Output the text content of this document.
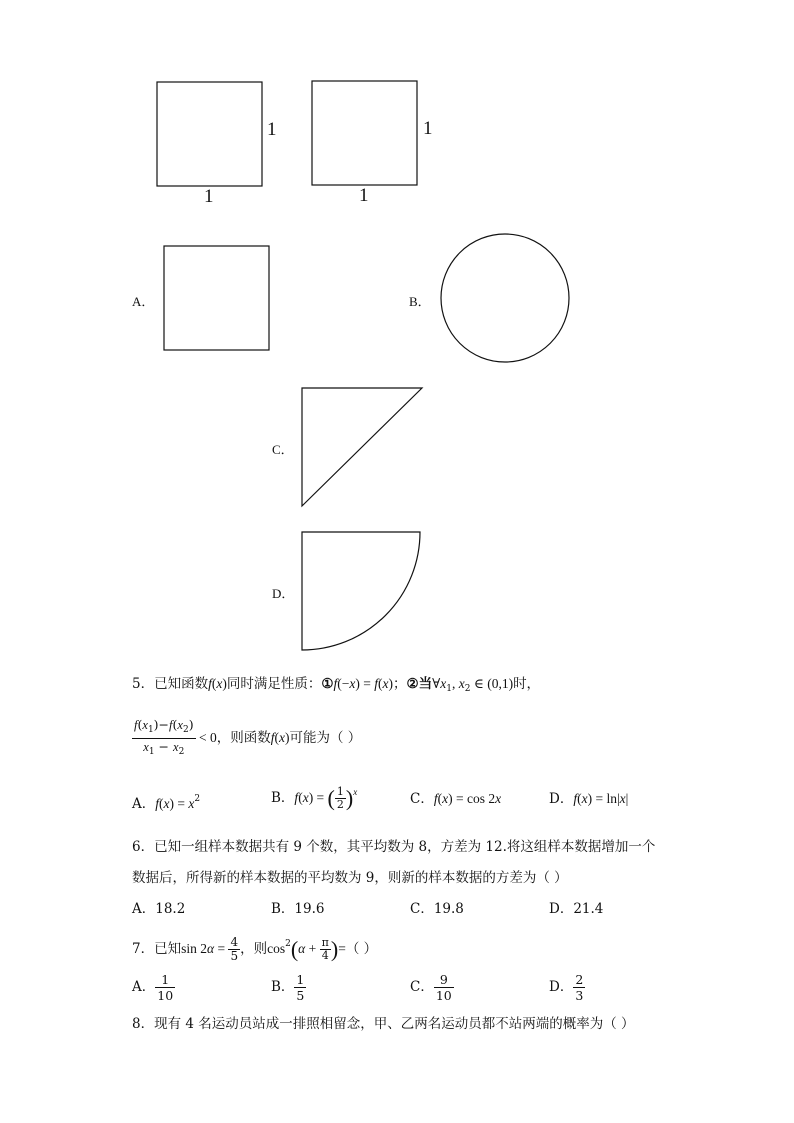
1
1
1
1
A．	B．
C．
D．
5．已知函数f(x)同时满足性质：①f(−x) = f(x)；②当$\forall x_1$, $x_2$ ∈ (0,1)时，
$\frac{f(x_1)-f(x_2)}{x_1 - x_2} < 0$，则函数f(x)可能为（ ）
A．$f(x) = x^2$	B．f(x) = ( $\frac{1}{2} )^x$	C．f(x) = cos 2x	D．f(x) = ln|x|
6．已知一组样本数据共有 9 个数，其平均数为 8，方差为 12.将这组样本数据增加一个
数据后，所得新的样本数据的平均数为 9，则新的样本数据的方差为（ ）
A．18.2	B．19.6	C．19.8	D．21.4
7．已知$\sin 2\alpha = \frac{4}{5}$ ，则$\cos^2(\alpha + \frac{\pi}{4}$ )=（ ）
A． $\frac{1}{10}$	B． $\frac{1}{5}$	C． $\frac{9}{10}$	D． $\frac{2}{3}$
8．现有 4 名运动员站成一排照相留念，甲、乙两名运动员都不站两端的概率为（ ）
